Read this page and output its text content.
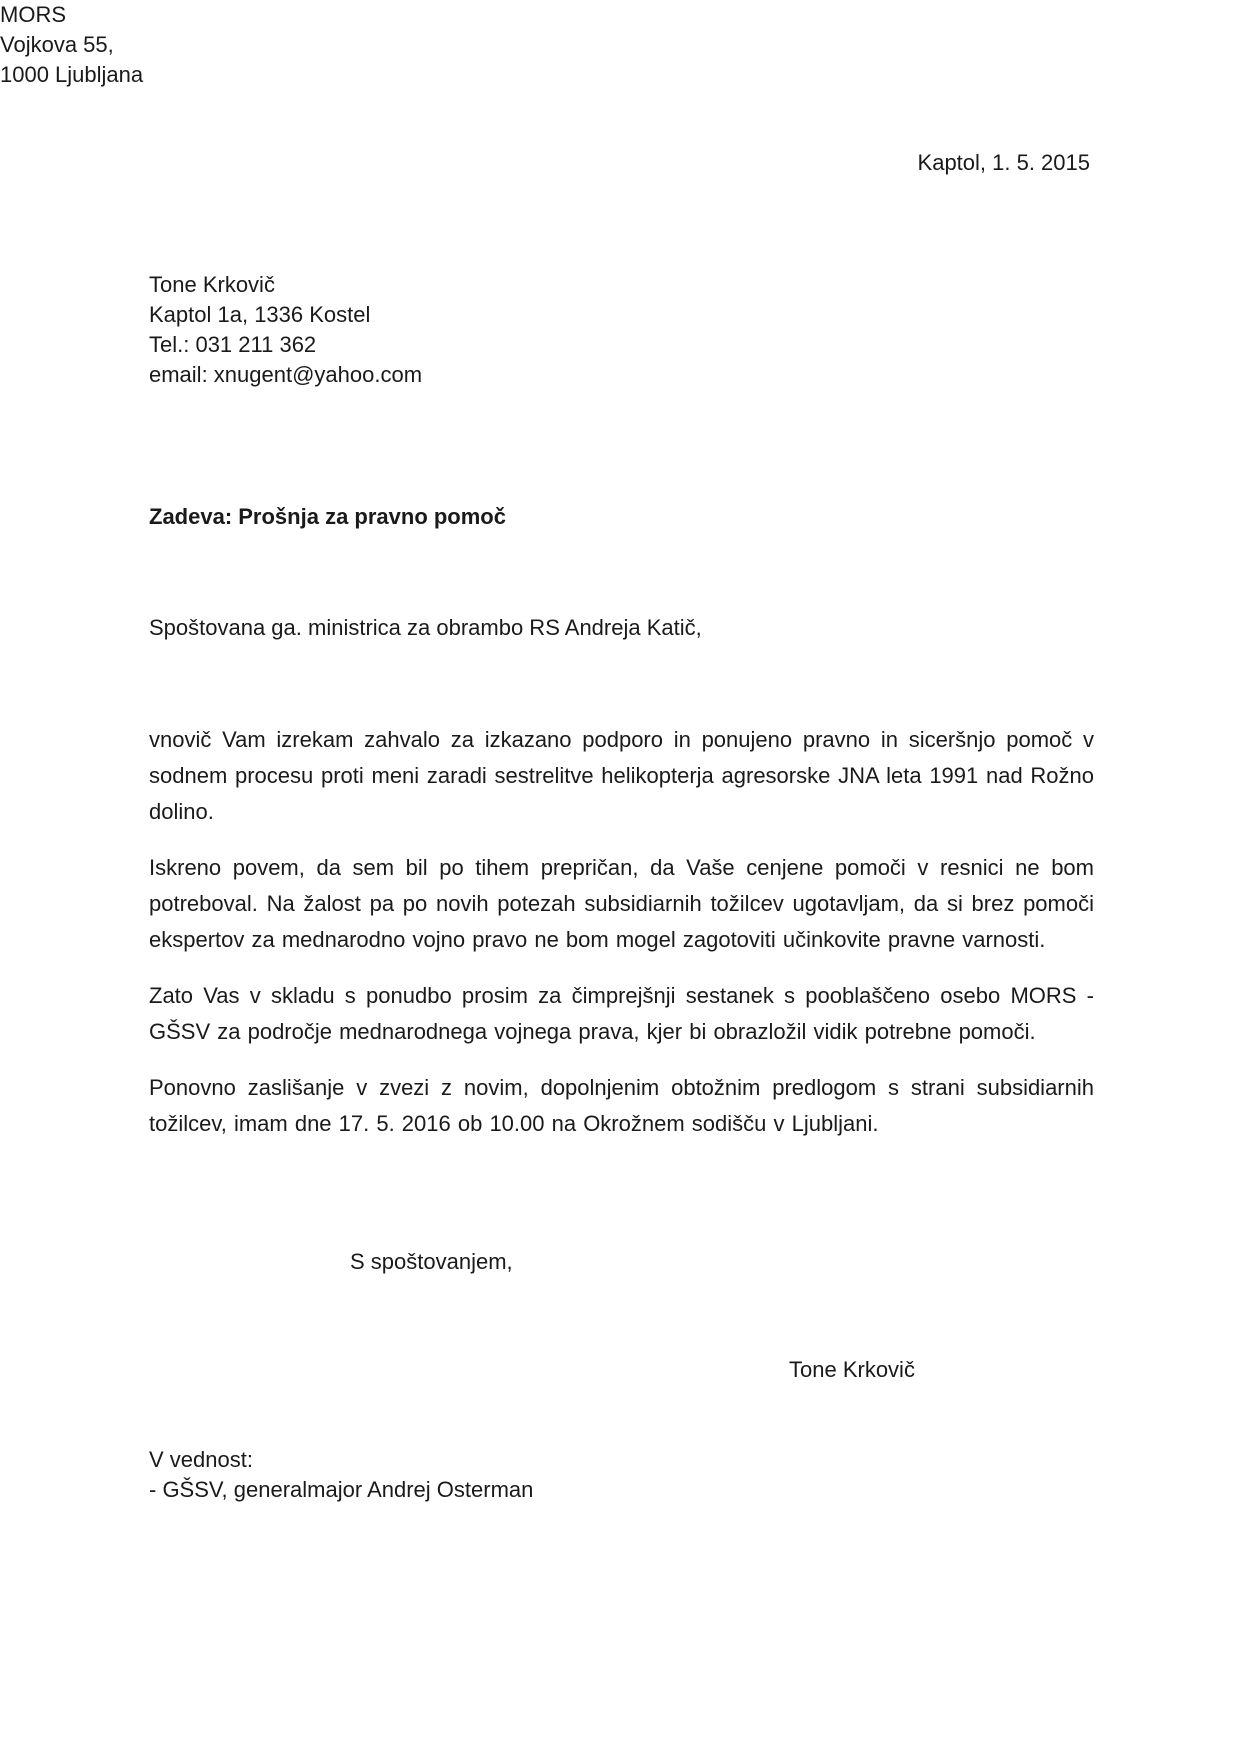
MORS
Vojkova 55,
1000 Ljubljana
Kaptol, 1. 5. 2015
Tone Krkovič
Kaptol 1a, 1336 Kostel
Tel.: 031 211 362
email: xnugent@yahoo.com
Zadeva: Prošnja za pravno pomoč
Spoštovana ga. ministrica za obrambo RS Andreja Katič,

vnovič Vam izrekam zahvalo za izkazano podporo in ponujeno pravno in siceršnjo pomoč v sodnem procesu proti meni zaradi sestrelitve helikopterja agresorske JNA leta 1991 nad Rožno dolino.

Iskreno povem, da sem bil po tihem prepričan, da Vaše cenjene pomoči v resnici ne bom potreboval. Na žalost pa po novih potezah subsidiarnih tožilcev ugotavljam, da si brez pomoči ekspertov za mednarodno vojno pravo ne bom mogel zagotoviti učinkovite pravne varnosti.

Zato Vas v skladu s ponudbo prosim za čimprejšnji sestanek s pooblaščeno osebo MORS - GŠSV za področje mednarodnega vojnega prava, kjer bi obrazložil vidik potrebne pomoči.

Ponovno zaslišanje v zvezi z novim, dopolnjenim obtožnim predlogom s strani subsidiarnih tožilcev, imam dne 17. 5. 2016 ob 10.00 na Okrožnem sodišču v Ljubljani.

S spoštovanjem,
Tone Krkovič
V vednost:
- GŠSV, generalmajor Andrej Osterman
